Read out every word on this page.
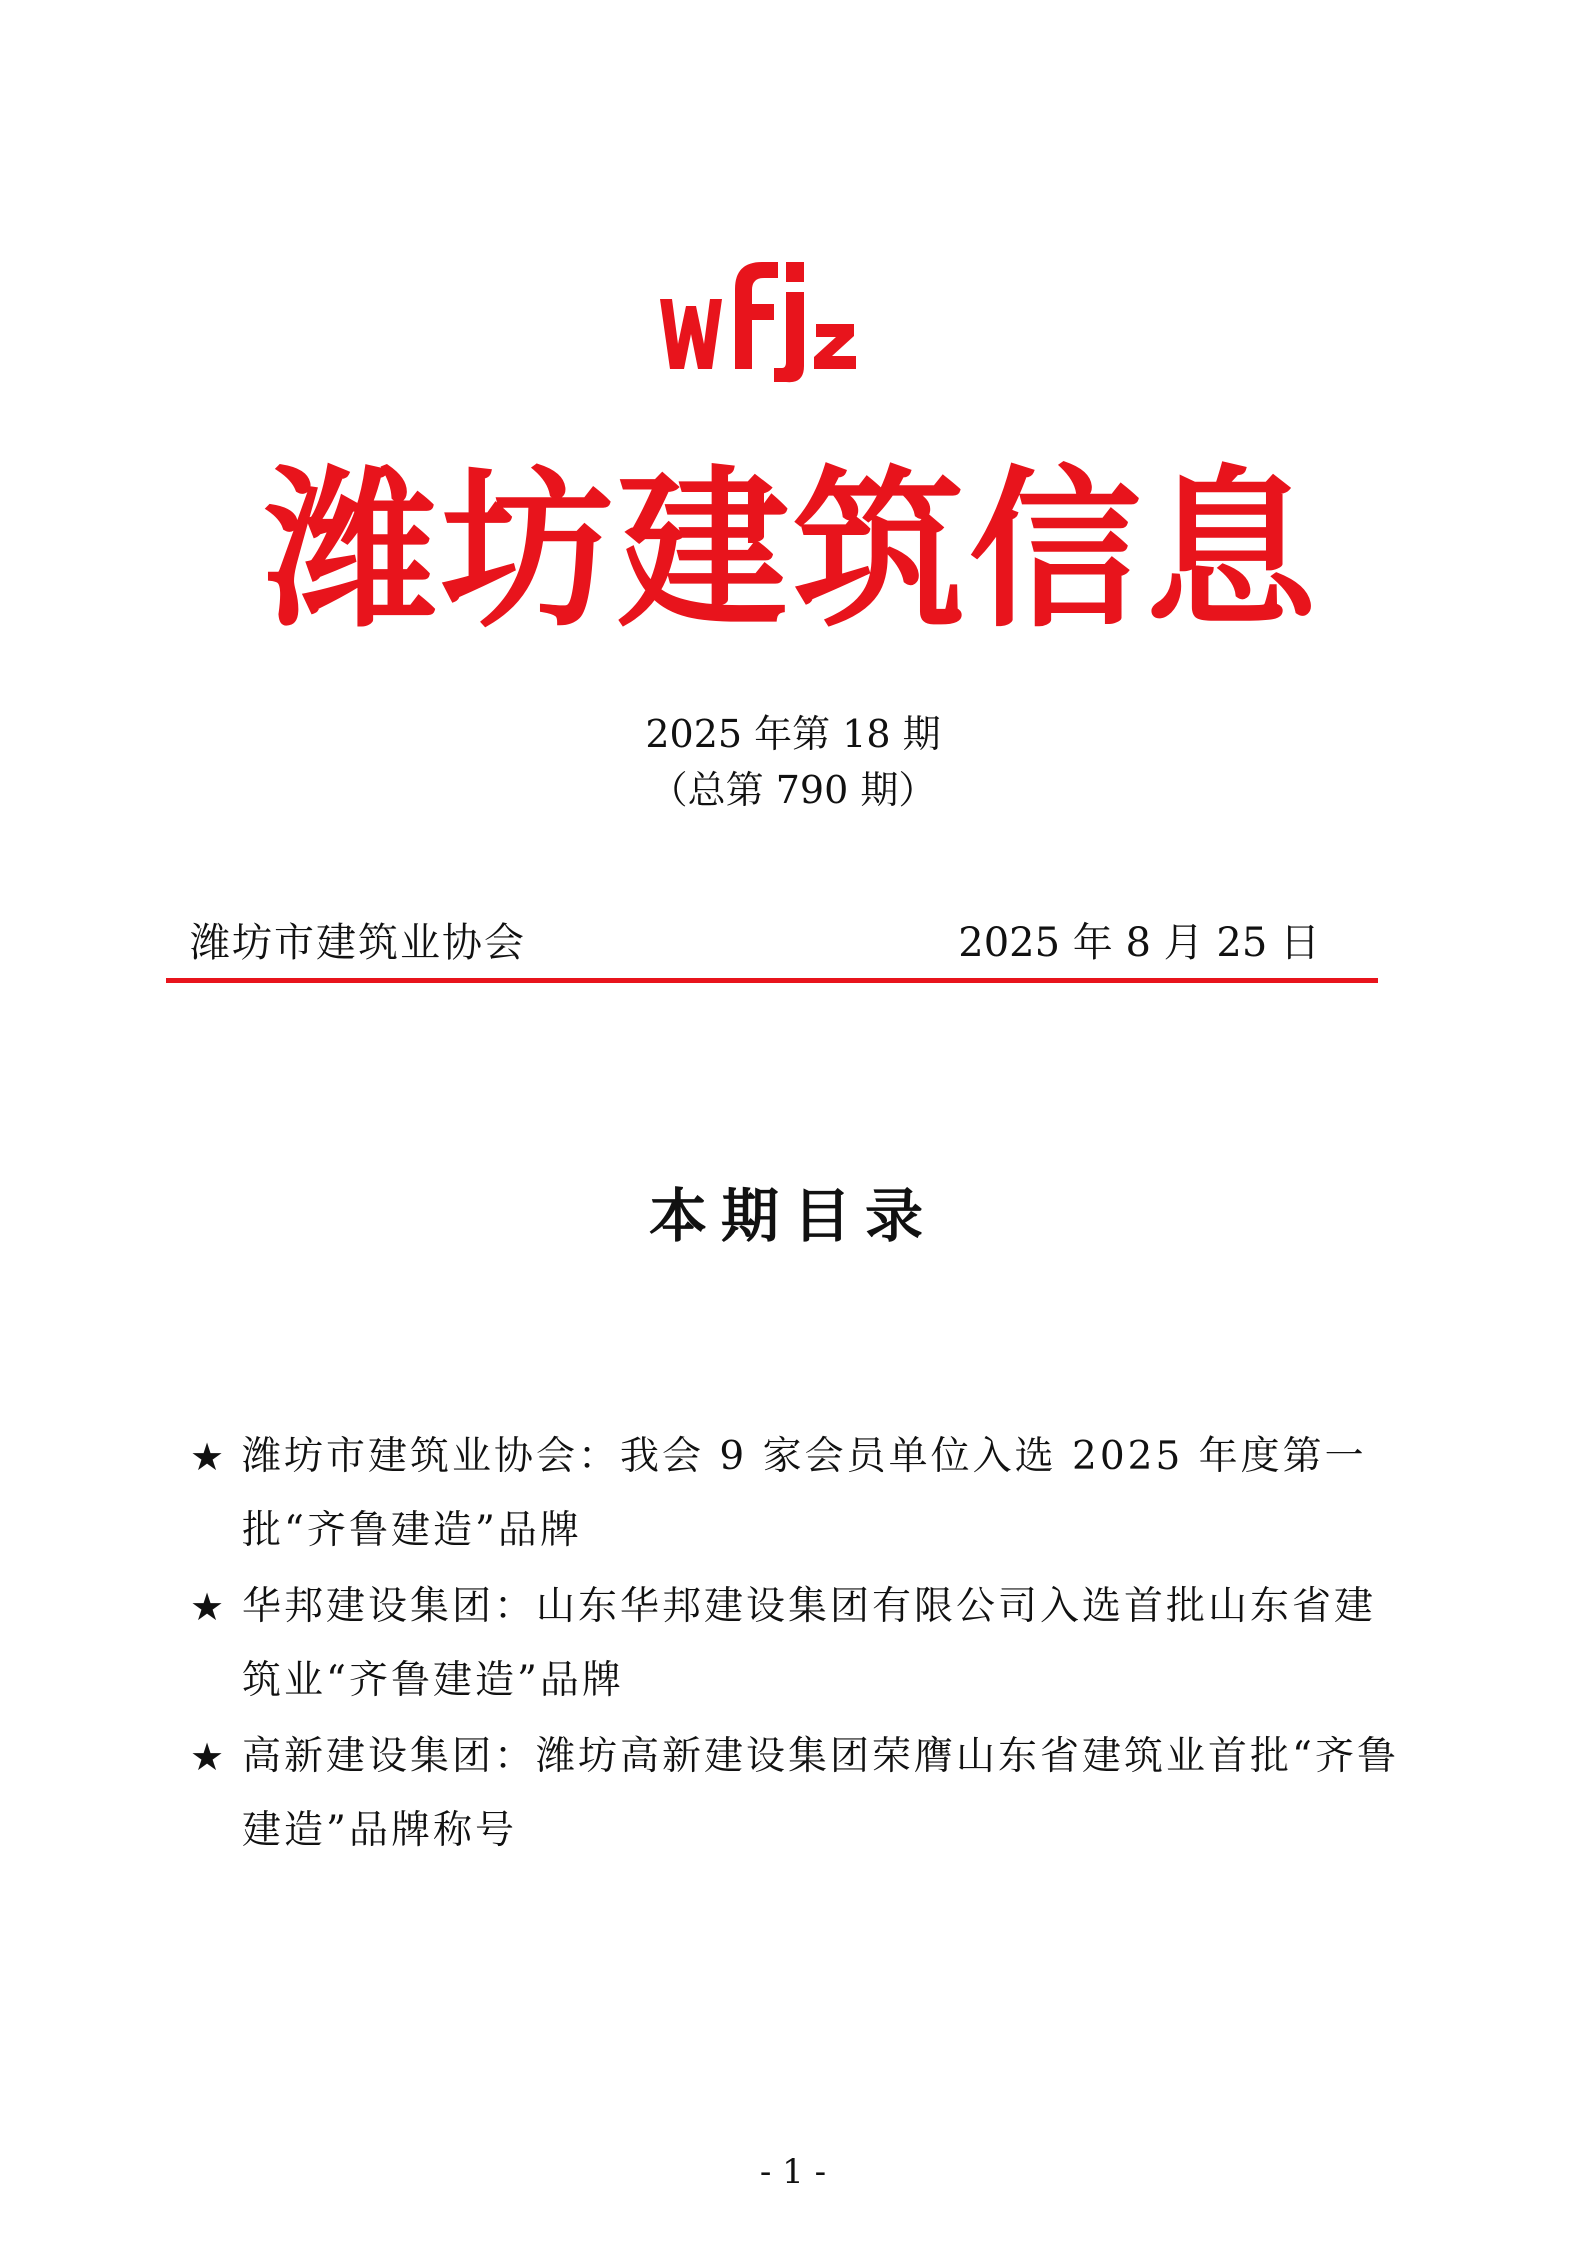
潍坊建筑信息
2025 年第 18 期
（总第 790 期）
潍坊市建筑业协会	2025 年 8 月 25 日
本期目录
★ 潍坊市建筑业协会：我会 9 家会员单位入选 2025 年度第一批“齐鲁建造”品牌
★ 华邦建设集团：山东华邦建设集团有限公司入选首批山东省建筑业“齐鲁建造”品牌
★ 高新建设集团：潍坊高新建设集团荣膺山东省建筑业首批“齐鲁建造”品牌称号
- 1 -
